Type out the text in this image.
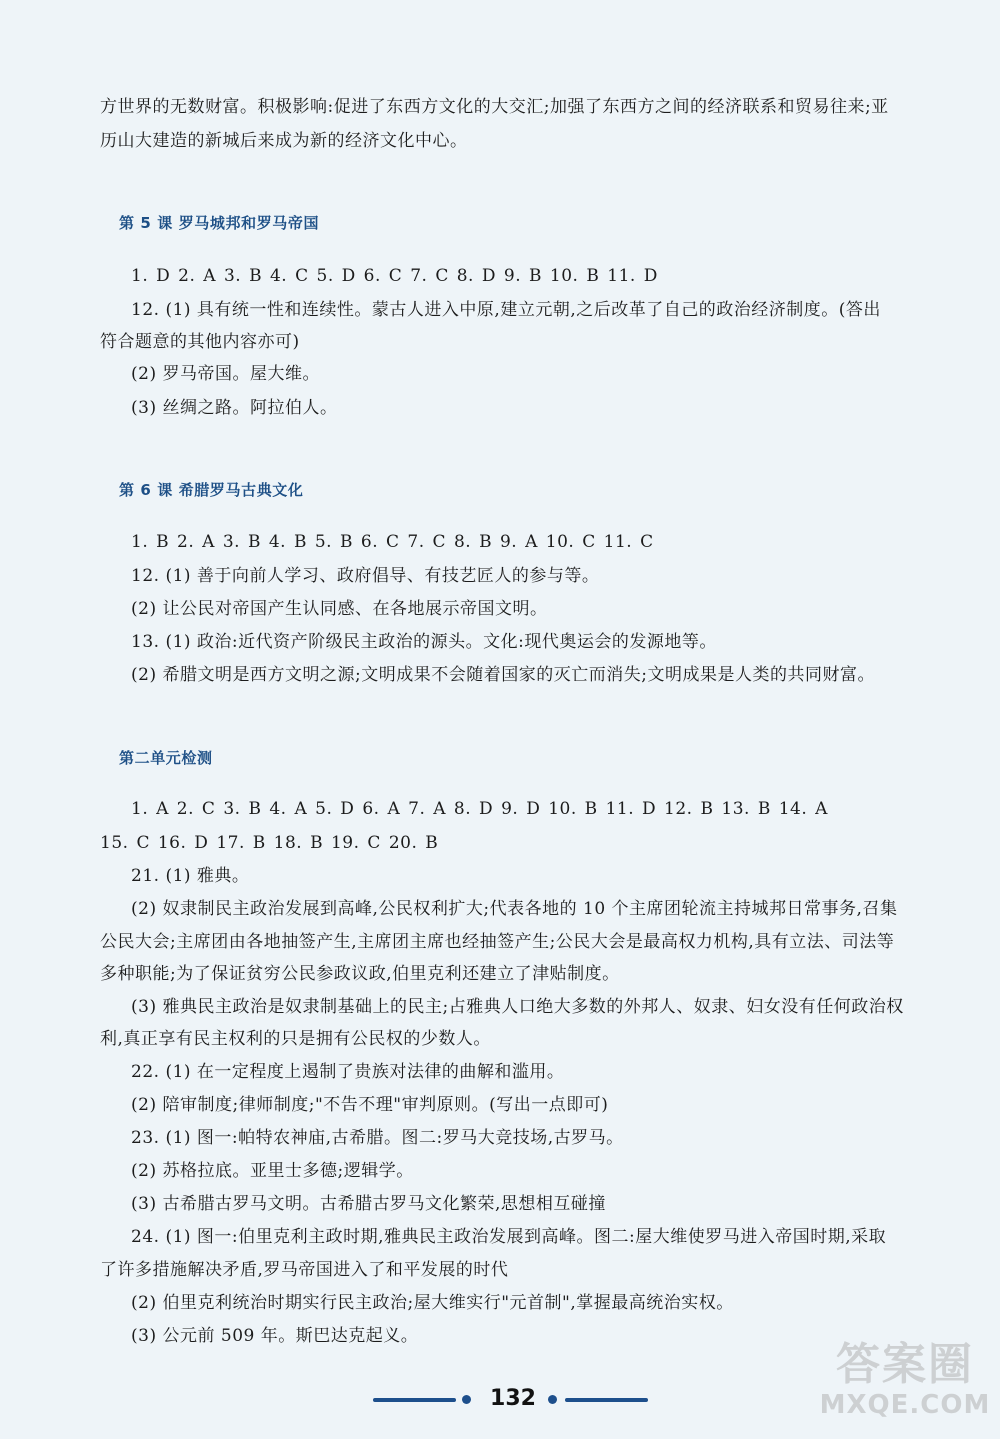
方世界的无数财富。积极影响:促进了东西方文化的大交汇;加强了东西方之间的经济联系和贸易往来;亚
历山大建造的新城后来成为新的经济文化中心。
第 5 课 罗马城邦和罗马帝国
1. D 2. A 3. B 4. C 5. D 6. C 7. C 8. D 9. B 10. B 11. D
12. (1) 具有统一性和连续性。蒙古人进入中原,建立元朝,之后改革了自己的政治经济制度。(答出
符合题意的其他内容亦可)
(2) 罗马帝国。屋大维。
(3) 丝绸之路。阿拉伯人。
第 6 课 希腊罗马古典文化
1. B 2. A 3. B 4. B 5. B 6. C 7. C 8. B 9. A 10. C 11. C
12. (1) 善于向前人学习、政府倡导、有技艺匠人的参与等。
(2) 让公民对帝国产生认同感、在各地展示帝国文明。
13. (1) 政治:近代资产阶级民主政治的源头。文化:现代奥运会的发源地等。
(2) 希腊文明是西方文明之源;文明成果不会随着国家的灭亡而消失;文明成果是人类的共同财富。
第二单元检测
1. A 2. C 3. B 4. A 5. D 6. A 7. A 8. D 9. D 10. B 11. D 12. B 13. B 14. A
15. C 16. D 17. B 18. B 19. C 20. B
21. (1) 雅典。
(2) 奴隶制民主政治发展到高峰,公民权利扩大;代表各地的 10 个主席团轮流主持城邦日常事务,召集
公民大会;主席团由各地抽签产生,主席团主席也经抽签产生;公民大会是最高权力机构,具有立法、司法等
多种职能;为了保证贫穷公民参政议政,伯里克利还建立了津贴制度。
(3) 雅典民主政治是奴隶制基础上的民主;占雅典人口绝大多数的外邦人、奴隶、妇女没有任何政治权
利,真正享有民主权利的只是拥有公民权的少数人。
22. (1) 在一定程度上遏制了贵族对法律的曲解和滥用。
(2) 陪审制度;律师制度;"不告不理"审判原则。(写出一点即可)
23. (1) 图一:帕特农神庙,古希腊。图二:罗马大竞技场,古罗马。
(2) 苏格拉底。亚里士多德;逻辑学。
(3) 古希腊古罗马文明。古希腊古罗马文化繁荣,思想相互碰撞
24. (1) 图一:伯里克利主政时期,雅典民主政治发展到高峰。图二:屋大维使罗马进入帝国时期,采取
了许多措施解决矛盾,罗马帝国进入了和平发展的时代
(2) 伯里克利统治时期实行民主政治;屋大维实行"元首制",掌握最高统治实权。
(3) 公元前 509 年。斯巴达克起义。
132
答案圈
MXQE.COM
